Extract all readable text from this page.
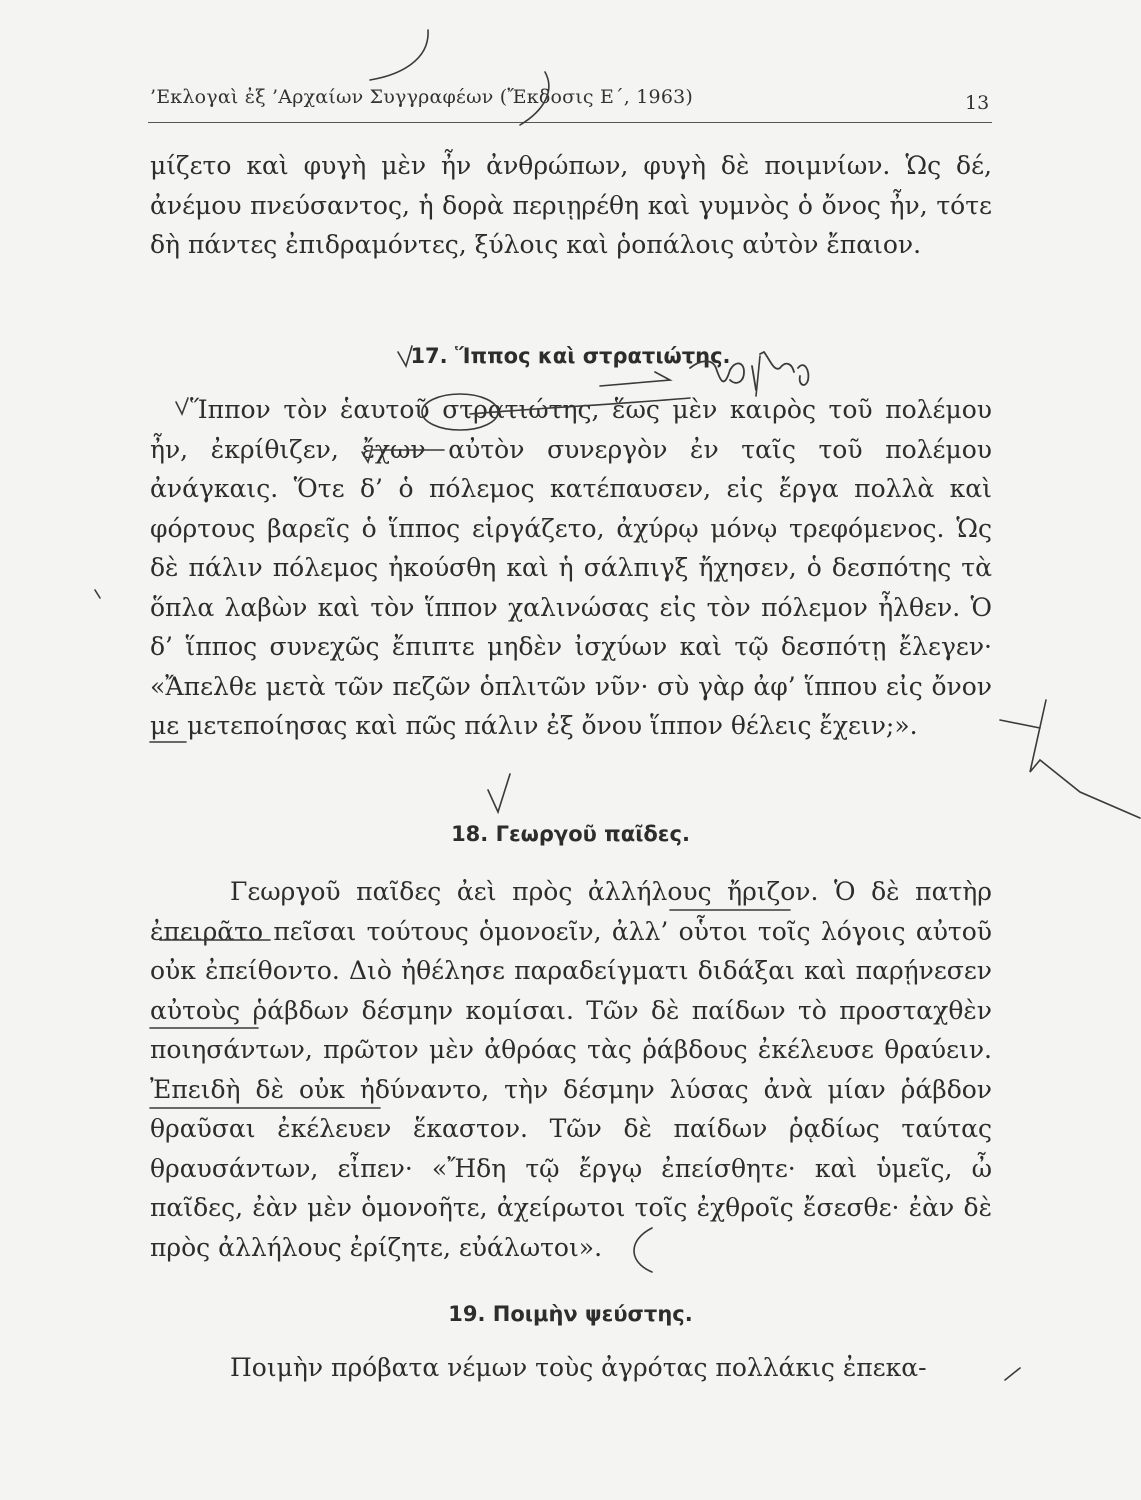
’Εκλογαὶ ἐξ ’Αρχαίων Συγγραφέων (Ἔκδοσις Ε΄, 1963)	13

μίζετο καὶ φυγὴ μὲν ἦν ἀνθρώπων, φυγὴ δὲ ποιμνίων. Ὡς δέ, ἀνέμου πνεύσαντος, ἡ δορὰ περιῃρέθη καὶ γυμνὸς ὁ ὄνος ἦν, τότε δὴ πάντες ἐπιδραμόντες, ξύλοις καὶ ῥοπάλοις αὐτὸν ἔπαιον.

17. Ἵππος καὶ στρατιώτης.

Ἵππον τὸν ἑαυτοῦ στρατιώτης, ἕως μὲν καιρὸς τοῦ πολέμου ἦν, ἐκρίθιζεν, ἔχων αὐτὸν συνεργὸν ἐν ταῖς τοῦ πολέμου ἀνάγκαις. Ὅτε δ’ ὁ πόλεμος κατέπαυσεν, εἰς ἔργα πολλὰ καὶ φόρτους βαρεῖς ὁ ἵππος εἰργάζετο, ἀχύρῳ μόνῳ τρεφόμενος. Ὡς δὲ πάλιν πόλεμος ἠκούσθη καὶ ἡ σάλπιγξ ἤχησεν, ὁ δεσπότης τὰ ὅπλα λαβὼν καὶ τὸν ἵππον χαλινώσας εἰς τὸν πόλεμον ἦλθεν. Ὁ δ’ ἵππος συνεχῶς ἔπιπτε μηδὲν ἰσχύων καὶ τῷ δεσπότῃ ἔλεγεν· «Ἄπελθε μετὰ τῶν πεζῶν ὁπλιτῶν νῦν· σὺ γὰρ ἀφ’ ἵππου εἰς ὄνον με μετεποίησας καὶ πῶς πάλιν ἐξ ὄνου ἵππον θέλεις ἔχειν;».

18. Γεωργοῦ παῖδες.

Γεωργοῦ παῖδες ἀεὶ πρὸς ἀλλήλους ἤριζον. Ὁ δὲ πατὴρ ἐπειρᾶτο πεῖσαι τούτους ὁμονοεῖν, ἀλλ’ οὗτοι τοῖς λόγοις αὐτοῦ οὐκ ἐπείθοντο. Διὸ ἠθέλησε παραδείγματι διδάξαι καὶ παρῄνεσεν αὐτοὺς ῥάβδων δέσμην κομίσαι. Τῶν δὲ παίδων τὸ προσταχθὲν ποιησάντων, πρῶτον μὲν ἀθρόας τὰς ῥάβδους ἐκέλευσε θραύειν. Ἐπειδὴ δὲ οὐκ ἠδύναντο, τὴν δέσμην λύσας ἀνὰ μίαν ῥάβδον θραῦσαι ἐκέλευεν ἕκαστον. Τῶν δὲ παίδων ῥᾳδίως ταύτας θραυσάντων, εἶπεν· «Ἤδη τῷ ἔργῳ ἐπείσθητε· καὶ ὑμεῖς, ὦ παῖδες, ἐὰν μὲν ὁμονοῆτε, ἀχείρωτοι τοῖς ἐχθροῖς ἔσεσθε· ἐὰν δὲ πρὸς ἀλλήλους ἐρίζητε, εὐάλωτοι».

19. Ποιμὴν ψεύστης.

Ποιμὴν πρόβατα νέμων τοὺς ἀγρότας πολλάκις ἐπεκα-
